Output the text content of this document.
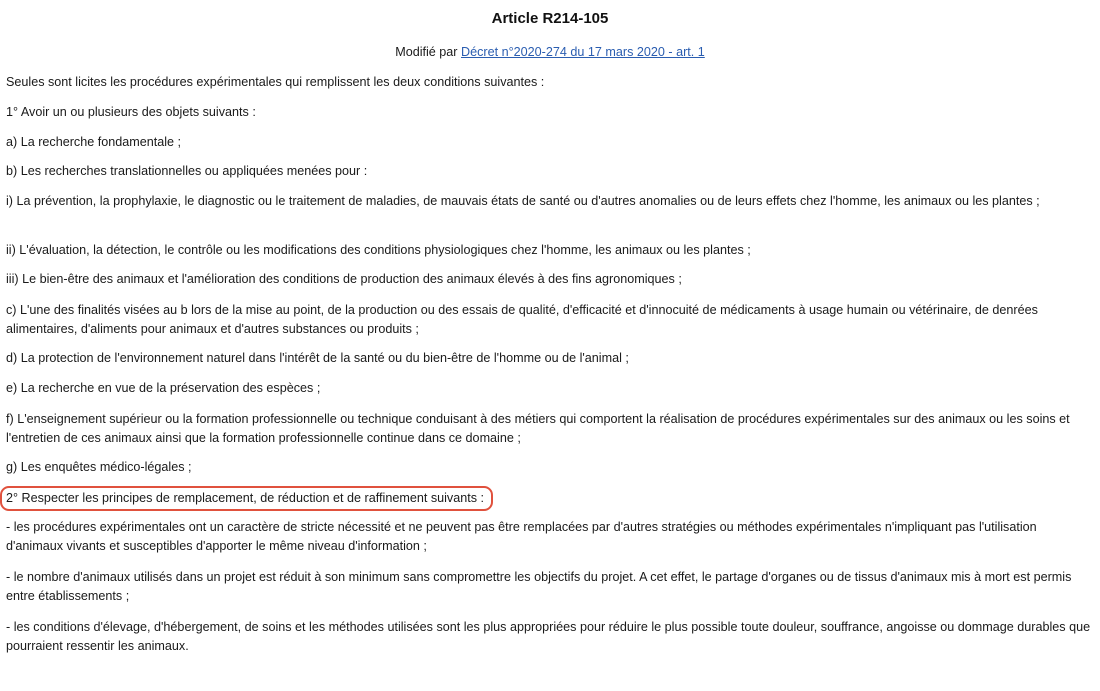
Article R214-105
Modifié par Décret n°2020-274 du 17 mars 2020 - art. 1

Seules sont licites les procédures expérimentales qui remplissent les deux conditions suivantes :

1° Avoir un ou plusieurs des objets suivants :

a) La recherche fondamentale ;

b) Les recherches translationnelles ou appliquées menées pour :

i) La prévention, la prophylaxie, le diagnostic ou le traitement de maladies, de mauvais états de santé ou d'autres anomalies ou de leurs effets chez l'homme, les animaux ou les plantes ;

ii) L'évaluation, la détection, le contrôle ou les modifications des conditions physiologiques chez l'homme, les animaux ou les plantes ;

iii) Le bien-être des animaux et l'amélioration des conditions de production des animaux élevés à des fins agronomiques ;

c) L'une des finalités visées au b lors de la mise au point, de la production ou des essais de qualité, d'efficacité et d'innocuité de médicaments à usage humain ou vétérinaire, de denrées alimentaires, d'aliments pour animaux et d'autres substances ou produits ;

d) La protection de l'environnement naturel dans l'intérêt de la santé ou du bien-être de l'homme ou de l'animal ;

e) La recherche en vue de la préservation des espèces ;

f) L'enseignement supérieur ou la formation professionnelle ou technique conduisant à des métiers qui comportent la réalisation de procédures expérimentales sur des animaux ou les soins et l'entretien de ces animaux ainsi que la formation professionnelle continue dans ce domaine ;

g) Les enquêtes médico-légales ;

2° Respecter les principes de remplacement, de réduction et de raffinement suivants :

- les procédures expérimentales ont un caractère de stricte nécessité et ne peuvent pas être remplacées par d'autres stratégies ou méthodes expérimentales n'impliquant pas l'utilisation d'animaux vivants et susceptibles d'apporter le même niveau d'information ;

- le nombre d'animaux utilisés dans un projet est réduit à son minimum sans compromettre les objectifs du projet. A cet effet, le partage d'organes ou de tissus d'animaux mis à mort est permis entre établissements ;

- les conditions d'élevage, d'hébergement, de soins et les méthodes utilisées sont les plus appropriées pour réduire le plus possible toute douleur, souffrance, angoisse ou dommage durables que pourraient ressentir les animaux.
